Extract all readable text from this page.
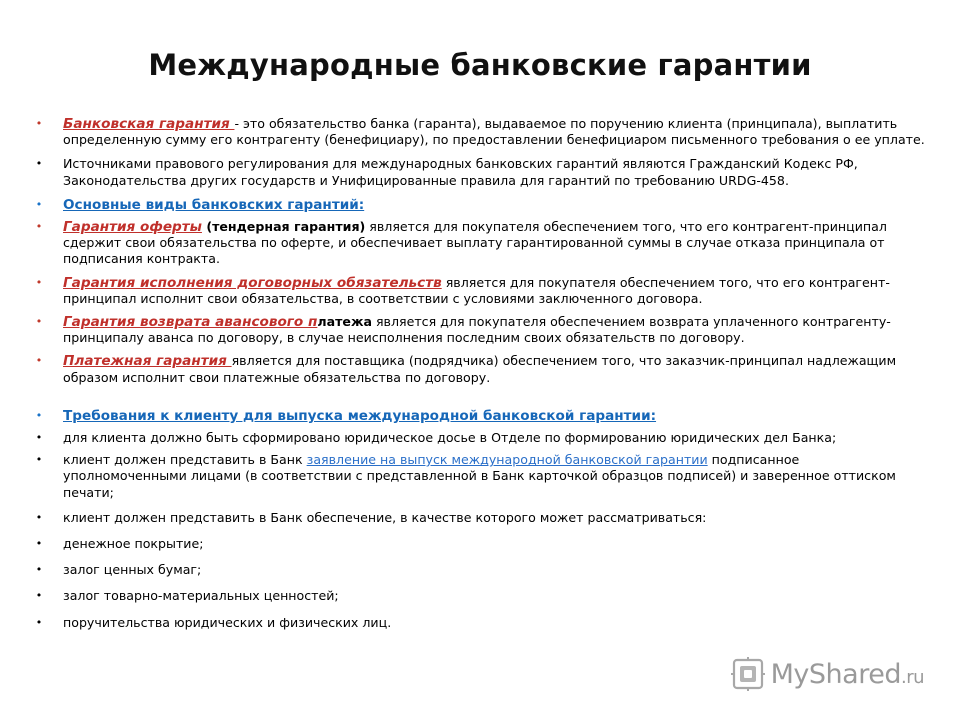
Международные банковские гарантии
• Банковская гарантия - это обязательство банка (гаранта), выдаваемое по поручению клиента (принципала), выплатить определенную сумму его контрагенту (бенефициару), по предоставлении бенефициаром письменного требования о ее уплате.
• Источниками правового регулирования для международных банковских гарантий являются Гражданский Кодекс РФ, Законодательства других государств и Унифицированные правила для гарантий по требованию URDG-458.
• Основные виды банковских гарантий:
• Гарантия оферты (тендерная гарантия) является для покупателя обеспечением того, что его контрагент-принципал сдержит свои обязательства по оферте, и обеспечивает выплату гарантированной суммы в случае отказа принципала от подписания контракта.
• Гарантия исполнения договорных обязательств является для покупателя обеспечением того, что его контрагент-принципал исполнит свои обязательства, в соответствии с условиями заключенного договора.
• Гарантия возврата авансового платежа является для покупателя обеспечением возврата уплаченного контрагенту-принципалу аванса по договору, в случае неисполнения последним своих обязательств по договору.
• Платежная гарантия является для поставщика (подрядчика) обеспечением того, что заказчик-принципал надлежащим образом исполнит свои платежные обязательства по договору.
• Требования к клиенту для выпуска международной банковской гарантии:
• для клиента должно быть сформировано юридическое досье в Отделе по формированию юридических дел Банка;
• клиент должен представить в Банк заявление на выпуск международной банковской гарантии подписанное уполномоченными лицами (в соответствии с представленной в Банк карточкой образцов подписей) и заверенное оттиском печати;
• клиент должен представить в Банк обеспечение, в качестве которого может рассматриваться:
• денежное покрытие;
• залог ценных бумаг;
• залог товарно-материальных ценностей;
• поручительства юридических и физических лиц.
MyShared.ru
